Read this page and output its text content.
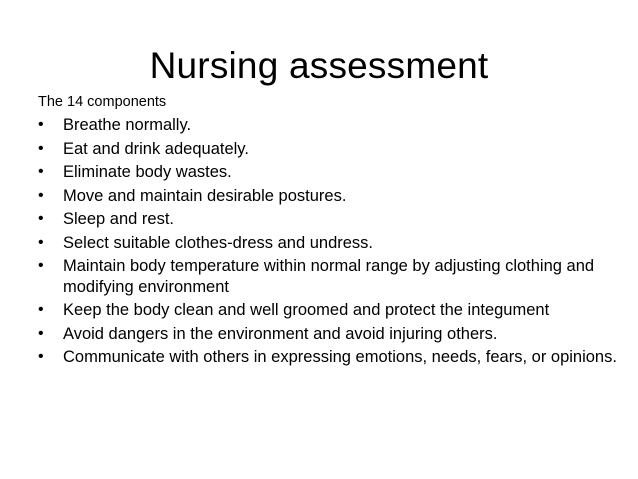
Nursing assessment
The 14 components
•	Breathe normally.
•	Eat and drink adequately.
•	Eliminate body wastes.
•	Move and maintain desirable postures.
•	Sleep and rest.
•	Select suitable clothes-dress and undress.
•	Maintain body temperature within normal range by adjusting clothing and modifying environment
•	Keep the body clean and well groomed and protect the integument
•	Avoid dangers in the environment and avoid injuring others.
•	Communicate with others in expressing emotions, needs, fears, or opinions.
